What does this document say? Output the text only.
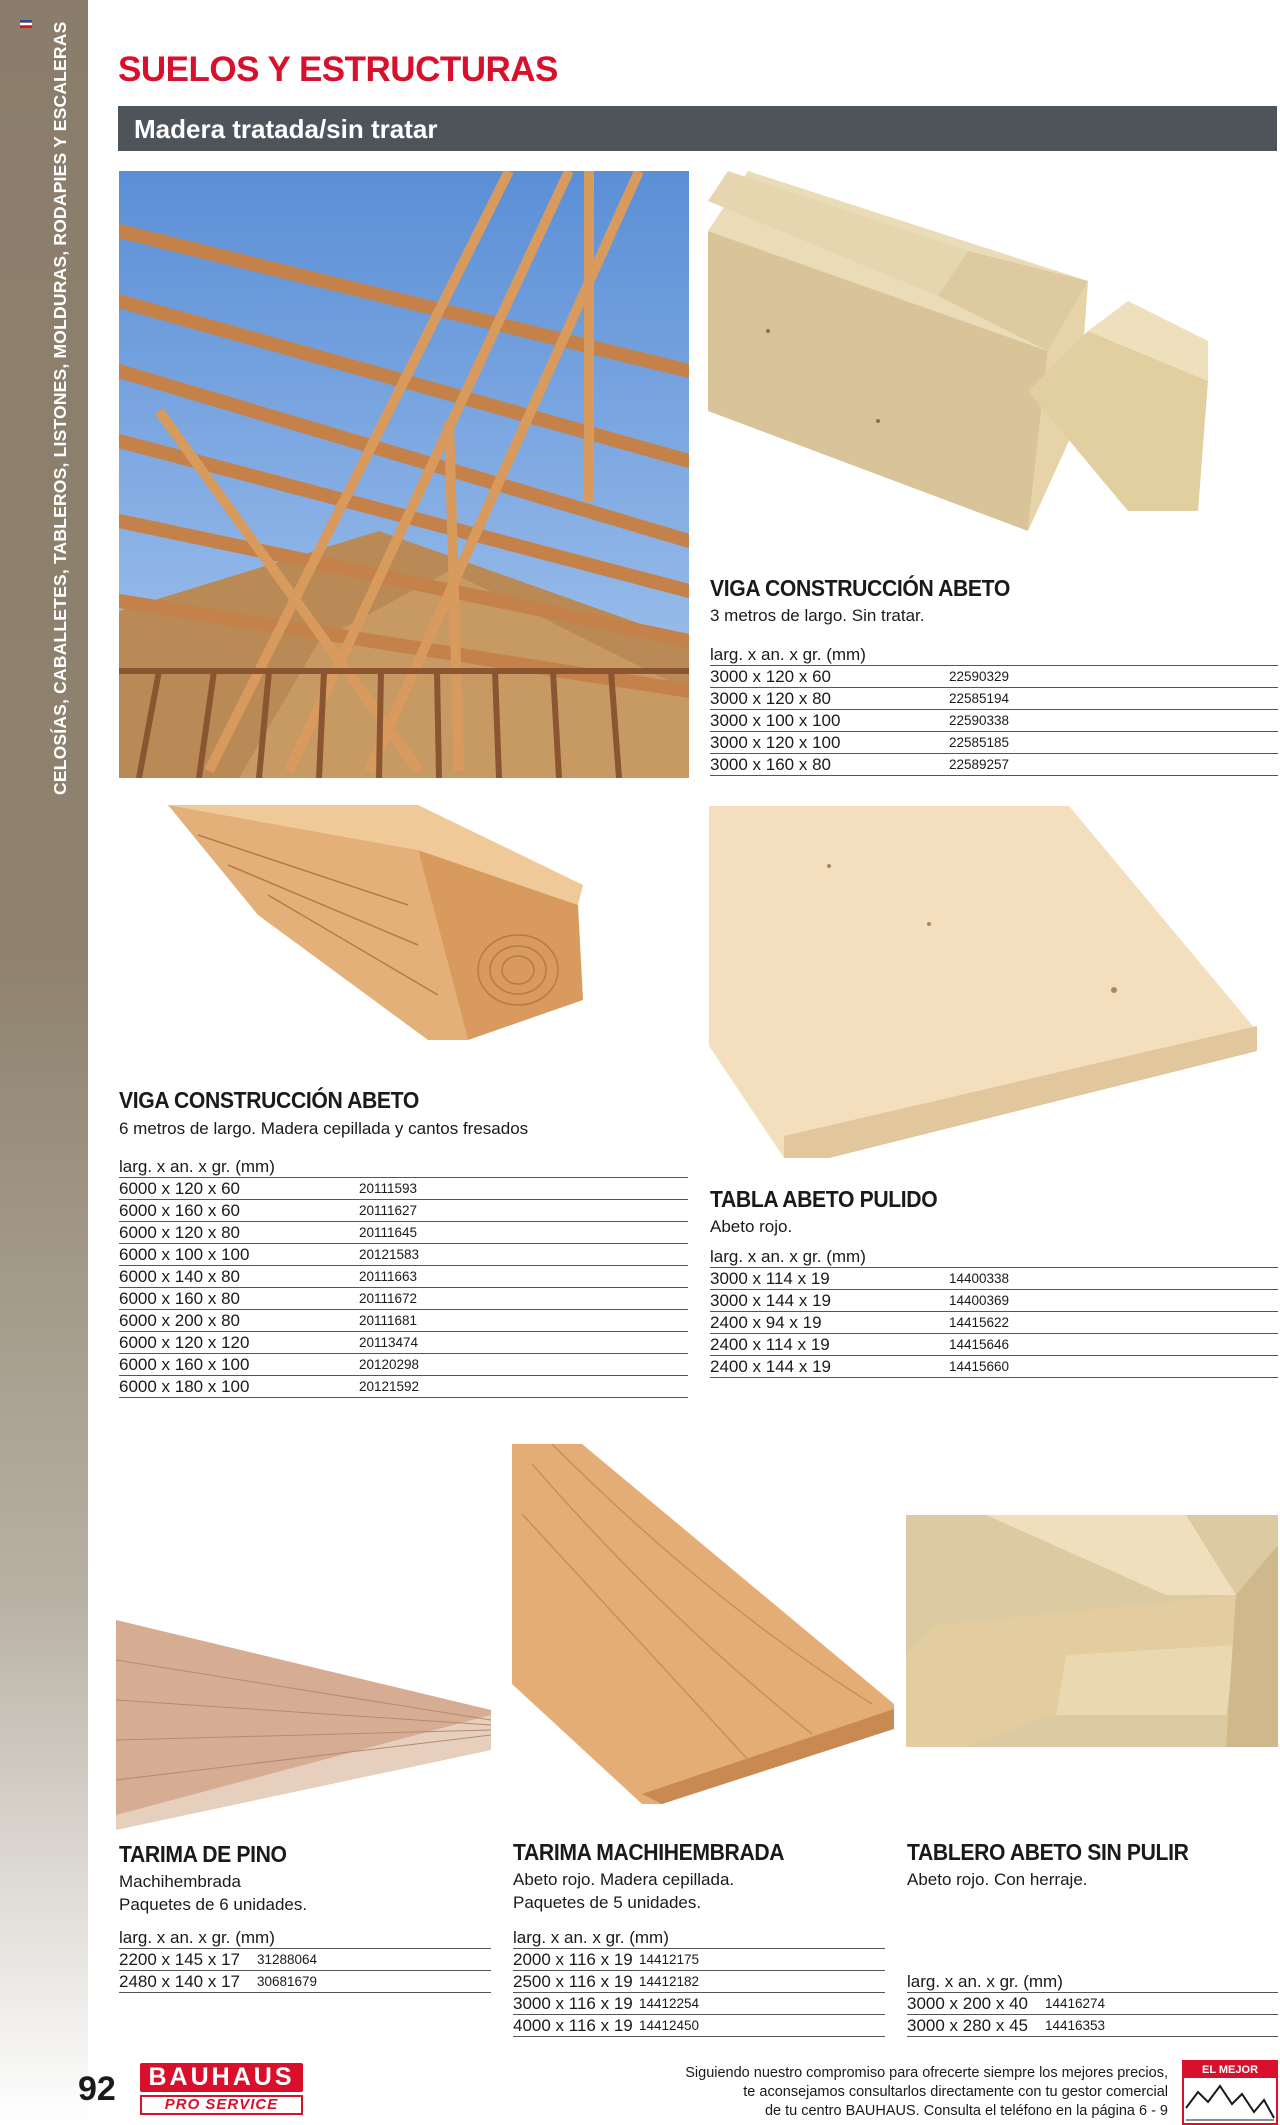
CELOSÍAS, CABALLETES, TABLEROS, LISTONES, MOLDURAS, RODAPIES Y ESCALERAS SUELOS Y ESTRUCTURAS
Madera tratada/sin tratar
VIGA CONSTRUCCIÓN ABETO
3 metros de largo. Sin tratar.
larg. x an. x gr. (mm)
3000 x 120 x 60	22590329
3000 x 120 x 80	22585194
3000 x 100 x 100	22590338
3000 x 120 x 100	22585185
3000 x 160 x 80	22589257
VIGA CONSTRUCCIÓN ABETO
6 metros de largo. Madera cepillada y cantos fresados
larg. x an. x gr. (mm)
6000 x 120 x 60	20111593
6000 x 160 x 60	20111627
6000 x 120 x 80	20111645
6000 x 100 x 100	20121583
6000 x 140 x 80	20111663
6000 x 160 x 80	20111672
6000 x 200 x 80	20111681
6000 x 120 x 120	20113474
6000 x 160 x 100	20120298
6000 x 180 x 100	20121592
TABLA ABETO PULIDO
Abeto rojo.
larg. x an. x gr. (mm)
3000 x 114 x 19	14400338
3000 x 144 x 19	14400369
2400 x 94 x 19	14415622
2400 x 114 x 19	14415646
2400 x 144 x 19	14415660
TARIMA DE PINO
Machihembrada
Paquetes de 6 unidades.
larg. x an. x gr. (mm)
2200 x 145 x 17	31288064
2480 x 140 x 17	30681679
TARIMA MACHIHEMBRADA
Abeto rojo. Madera cepillada.
Paquetes de 5 unidades.
larg. x an. x gr. (mm)
2000 x 116 x 19 14412175
2500 x 116 x 19 14412182
3000 x 116 x 19 14412254
4000 x 116 x 19 14412450
TABLERO ABETO SIN PULIR
Abeto rojo. Con herraje.
larg. x an. x gr. (mm)
3000 x 200 x 40	14416274
3000 x 280 x 45	14416353
92	BAUHAUS
PRO SERVICE
Siguiendo nuestro compromiso para ofrecerte siempre los mejores precios,
te aconsejamos consultarlos directamente con tu gestor comercial
de tu centro BAUHAUS. Consulta el teléfono en la página 6 - 9
EL MEJOR PRECIO
